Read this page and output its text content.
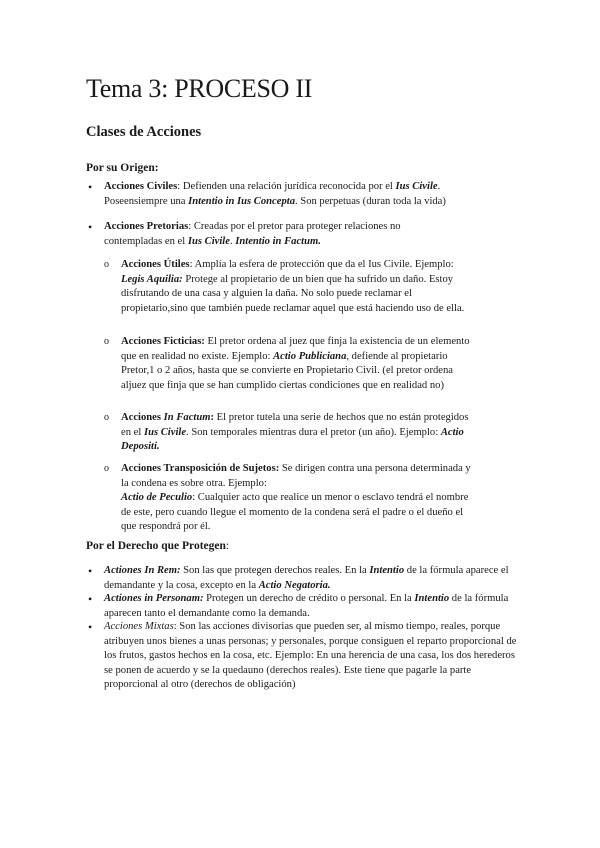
Tema 3: PROCESO II
Clases de Acciones
Por su Origen:
•
Acciones Civiles: Defienden una relación jurídica reconocida por el Ius Civile. Poseensiempre una Intentio in Ius Concepta. Son perpetuas (duran toda la vida)
•
Acciones Pretorias: Creadas por el pretor para proteger relaciones no contempladas en el Ius Civile. Intentio in Factum.
o
Acciones Útiles: Amplía la esfera de protección que da el Ius Civile. Ejemplo: Legis Aquilia: Protege al propietario de un bien que ha sufrido un daño. Estoy disfrutando de una casa y alguien la daña. No solo puede reclamar el propietario,sino que también puede reclamar aquel que está haciendo uso de ella.
o
Acciones Ficticias: El pretor ordena al juez que finja la existencia de un elemento que en realidad no existe. Ejemplo: Actio Publiciana, defiende al propietario Pretor,1 o 2 años, hasta que se convierte en Propietario Civil. (el pretor ordena aljuez que finja que se han cumplido ciertas condiciones que en realidad no)
o
Acciones In Factum: El pretor tutela una serie de hechos que no están protegidos en el Ius Civile. Son temporales mientras dura el pretor (un año). Ejemplo: Actio Depositi.
o
Acciones Transposición de Sujetos: Se dirigen contra una persona determinada y la condena es sobre otra. Ejemplo:
Actio de Peculio: Cualquier acto que realice un menor o esclavo tendrá el nombre de este, pero cuando llegue el momento de la condena será el padre o el dueño el que respondrá por él.
Por el Derecho que Protegen:
•
Actiones In Rem: Son las que protegen derechos reales. En la Intentio de la fórmula aparece el demandante y la cosa, excepto en la Actio Negatoria.
•
Actiones in Personam: Protegen un derecho de crédito o personal. En la Intentio de la fórmula aparecen tanto el demandante como la demanda.
•
Acciones Mixtas: Son las acciones divisorias que pueden ser, al mismo tiempo, reales, porque atribuyen unos bienes a unas personas; y personales, porque consiguen el reparto proporcional de los frutos, gastos hechos en la cosa, etc. Ejemplo: En una herencia de una casa, los dos herederos se ponen de acuerdo y se la quedauno (derechos reales). Este tiene que pagarle la parte proporcional al otro (derechos de obligación)
